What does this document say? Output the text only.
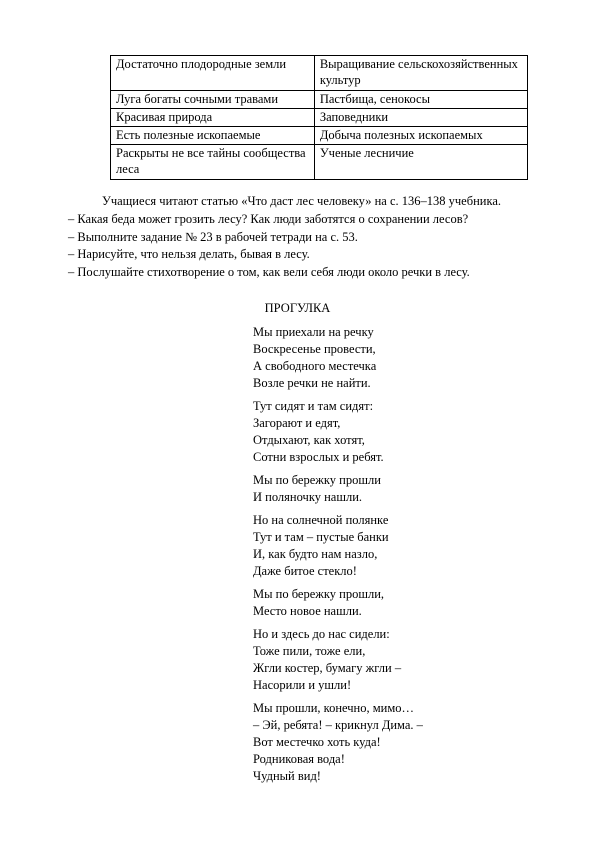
Достаточно плодородные земли	Выращивание сельскохозяйственных культур
Луга богаты сочными травами	Пастбища, сенокосы
Красивая природа	Заповедники
Есть полезные ископаемые	Добыча полезных ископаемых
Раскрыты не все тайны сообщества леса	Ученые лесничие

Учащиеся читают статью «Что даст лес человеку» на с. 136–138 учебника.

– Какая беда может грозить лесу? Как люди заботятся о сохранении лесов?

– Выполните задание № 23 в рабочей тетради на с. 53.

– Нарисуйте, что нельзя делать, бывая в лесу.

– Послушайте стихотворение о том, как вели себя люди около речки в лесу.

ПРОГУЛКА
Мы приехали на речку
Воскресенье провести,
А свободного местечка
Возле речки не найти.
Тут сидят и там сидят:
Загорают и едят,
Отдыхают, как хотят,
Сотни взрослых и ребят.
Мы по бережку прошли
И поляночку нашли.
Но на солнечной полянке
Тут и там – пустые банки
И, как будто нам назло,
Даже битое стекло!
Мы по бережку прошли,
Место новое нашли.
Но и здесь до нас сидели:
Тоже пили, тоже ели,
Жгли костер, бумагу жгли –
Насорили и ушли!
Мы прошли, конечно, мимо…
– Эй, ребята! – крикнул Дима. –
Вот местечко хоть куда!
Родниковая вода!
Чудный вид!
